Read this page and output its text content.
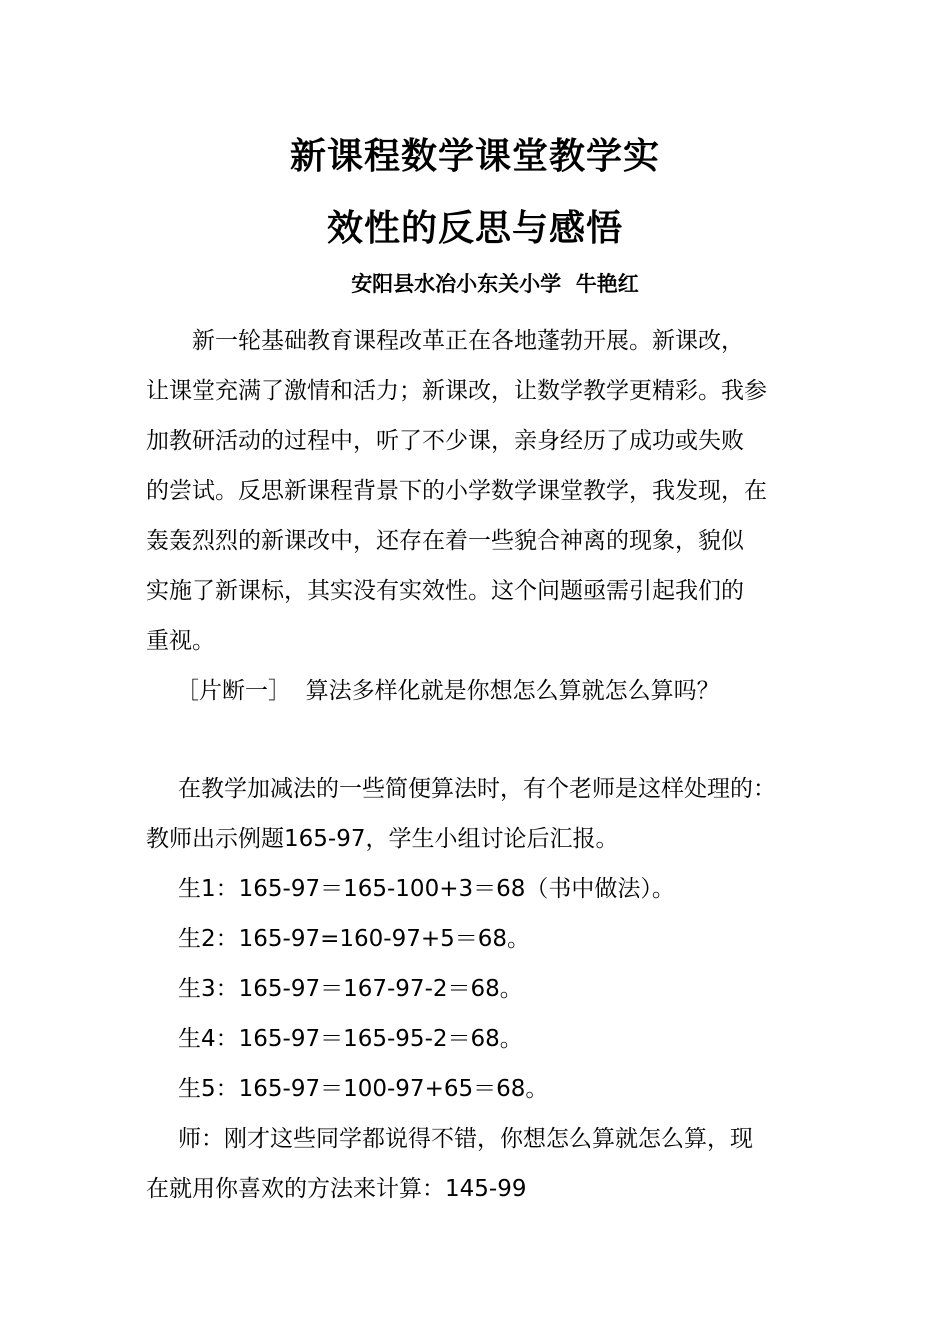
新课程数学课堂教学实
效性的反思与感悟
安阳县水冶小东关小学  牛艳红
新一轮基础教育课程改革正在各地蓬勃开展。新课改，
让课堂充满了激情和活力；新课改，让数学教学更精彩。我参
加教研活动的过程中，听了不少课，亲身经历了成功或失败
的尝试。反思新课程背景下的小学数学课堂教学，我发现，在
轰轰烈烈的新课改中，还存在着一些貌合神离的现象，貌似
实施了新课标，其实没有实效性。这个问题亟需引起我们的
重视。
［片断一］  算法多样化就是你想怎么算就怎么算吗？
在教学加减法的一些简便算法时，有个老师是这样处理的：
教师出示例题165-97，学生小组讨论后汇报。
生1：165-97＝165-100+3＝68（书中做法）。
生2：165-97=160-97+5＝68。
生3：165-97＝167-97-2＝68。
生4：165-97＝165-95-2＝68。
生5：165-97＝100-97+65＝68。
师：刚才这些同学都说得不错，你想怎么算就怎么算，现
在就用你喜欢的方法来计算：145-99
